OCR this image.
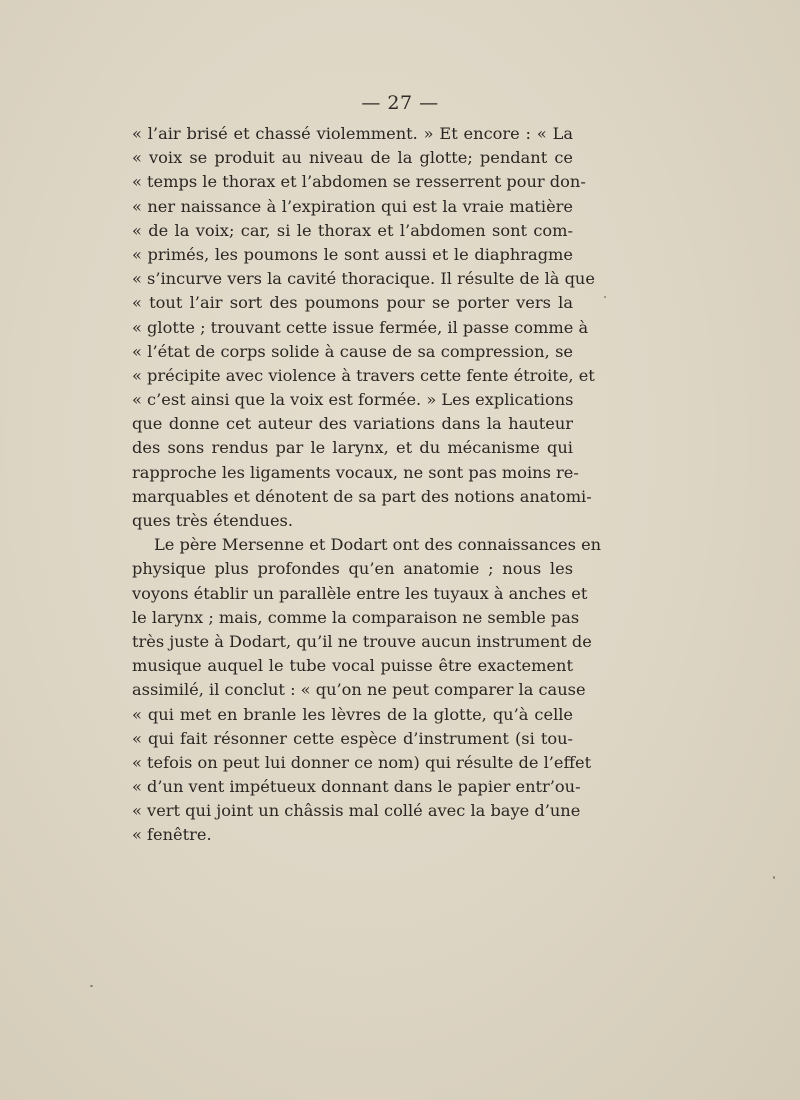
— 27 —
« l’air brisé et chassé violemment. » Et encore : « La
« voix se produit au niveau de la glotte; pendant ce
« temps le thorax et l’abdomen se resserrent pour don-
« ner naissance à l’expiration qui est la vraie matière
« de la voix; car, si le thorax et l’abdomen sont com-
« primés, les poumons le sont aussi et le diaphragme
« s’incurve vers la cavité thoracique. Il résulte de là que
« tout l’air sort des poumons pour se porter vers la
« glotte ; trouvant cette issue fermée, il passe comme à
« l’état de corps solide à cause de sa compression, se
« précipite avec violence à travers cette fente étroite, et
« c’est ainsi que la voix est formée. » Les explications
que donne cet auteur des variations dans la hauteur
des sons rendus par le larynx, et du mécanisme qui
rapproche les ligaments vocaux, ne sont pas moins re-
marquables et dénotent de sa part des notions anatomi-
ques très étendues.
Le père Mersenne et Dodart ont des connaissances en
physique plus profondes qu’en anatomie ; nous les
voyons établir un parallèle entre les tuyaux à anches et
le larynx ; mais, comme la comparaison ne semble pas
très juste à Dodart, qu’il ne trouve aucun instrument de
musique auquel le tube vocal puisse être exactement
assimilé, il conclut : « qu’on ne peut comparer la cause
« qui met en branle les lèvres de la glotte, qu’à celle
« qui fait résonner cette espèce d’instrument (si tou-
« tefois on peut lui donner ce nom) qui résulte de l’effet
« d’un vent impétueux donnant dans le papier entr’ou-
« vert qui joint un châssis mal collé avec la baye d’une
« fenêtre.
